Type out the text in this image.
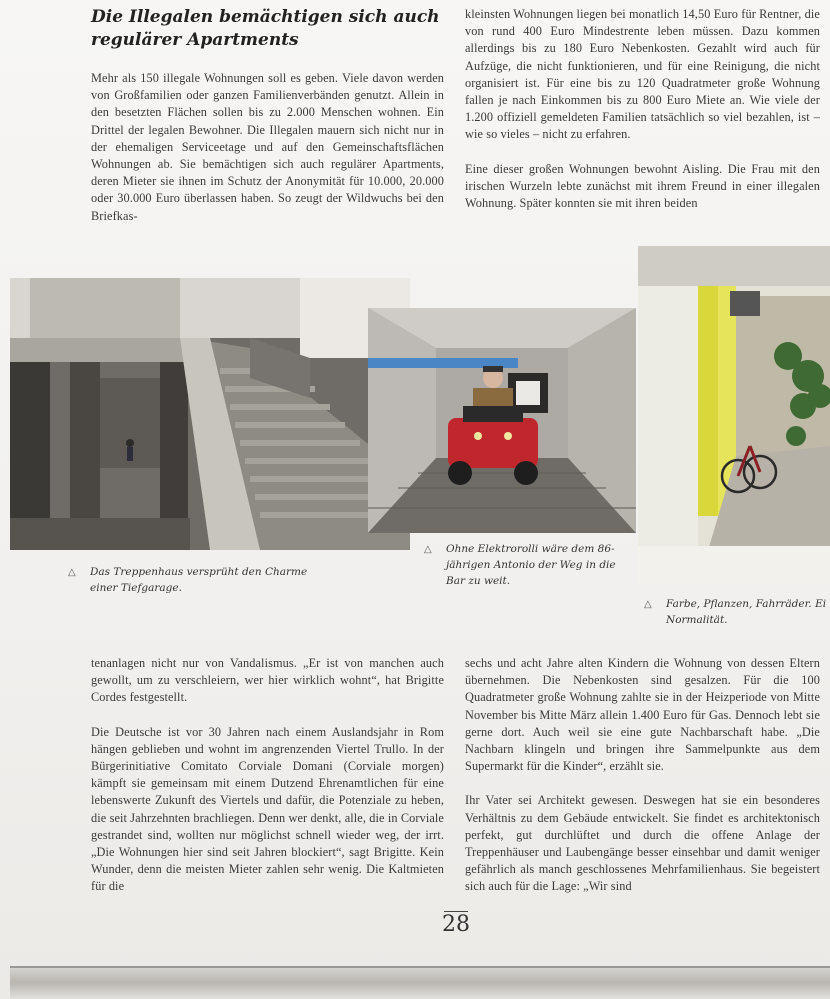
Die Illegalen bemächtigen sich auch regulärer Apartments

Mehr als 150 illegale Wohnungen soll es geben. Viele davon werden von Großfamilien oder ganzen Familienverbänden genutzt. Allein in den besetzten Flächen sollen bis zu 2.000 Menschen wohnen. Ein Drittel der legalen Bewohner. Die Illegalen mauern sich nicht nur in der ehemaligen Serviceetage und auf den Gemeinschaftsflächen Wohnungen ab. Sie bemächtigen sich auch regulärer Apartments, deren Mieter sie ihnen im Schutz der Anonymität für 10.000, 20.000 oder 30.000 Euro überlassen haben. So zeugt der Wildwuchs bei den Briefkas-

kleinsten Wohnungen liegen bei monatlich 14,50 Euro für Rentner, die von rund 400 Euro Mindestrente leben müssen. Dazu kommen allerdings bis zu 180 Euro Nebenkosten. Gezahlt wird auch für Aufzüge, die nicht funktionieren, und für eine Reinigung, die nicht organisiert ist. Für eine bis zu 120 Quadratmeter große Wohnung fallen je nach Einkommen bis zu 800 Euro Miete an. Wie viele der 1.200 offiziell gemeldeten Familien tatsächlich so viel bezahlen, ist – wie so vieles – nicht zu erfahren.

Eine dieser großen Wohnungen bewohnt Aisling. Die Frau mit den irischen Wurzeln lebte zunächst mit ihrem Freund in einer illegalen Wohnung. Später konnten sie mit ihren beiden

△	Das Treppenhaus versprüht den Charme einer Tiefgarage.
△	Ohne Elektrorolli wäre dem 86-jährigen Antonio der Weg in die Bar zu weit.
△	Farbe, Pflanzen, Fahrräder. Ei Normalität.

tenanlagen nicht nur von Vandalismus. „Er ist von manchen auch gewollt, um zu verschleiern, wer hier wirklich wohnt“, hat Brigitte Cordes festgestellt.

Die Deutsche ist vor 30 Jahren nach einem Auslandsjahr in Rom hängen geblieben und wohnt im angrenzenden Viertel Trullo. In der Bürgerinitiative Comitato Corviale Domani (Corviale morgen) kämpft sie gemeinsam mit einem Dutzend Ehrenamtlichen für eine lebenswerte Zukunft des Viertels und dafür, die Potenziale zu heben, die seit Jahrzehnten brachliegen. Denn wer denkt, alle, die in Corviale gestrandet sind, wollten nur möglichst schnell wieder weg, der irrt. „Die Wohnungen hier sind seit Jahren blockiert“, sagt Brigitte. Kein Wunder, denn die meisten Mieter zahlen sehr wenig. Die Kaltmieten für die

sechs und acht Jahre alten Kindern die Wohnung von dessen Eltern übernehmen. Die Nebenkosten sind gesalzen. Für die 100 Quadratmeter große Wohnung zahlte sie in der Heizperiode von Mitte November bis Mitte März allein 1.400 Euro für Gas. Dennoch lebt sie gerne dort. Auch weil sie eine gute Nachbarschaft habe. „Die Nachbarn klingeln und bringen ihre Sammelpunkte aus dem Supermarkt für die Kinder“, erzählt sie.

Ihr Vater sei Architekt gewesen. Deswegen hat sie ein besonderes Verhältnis zu dem Gebäude entwickelt. Sie findet es architektonisch perfekt, gut durchlüftet und durch die offene Anlage der Treppenhäuser und Laubengänge besser einsehbar und damit weniger gefährlich als manch geschlossenes Mehrfamilienhaus. Sie begeistert sich auch für die Lage: „Wir sind

28
